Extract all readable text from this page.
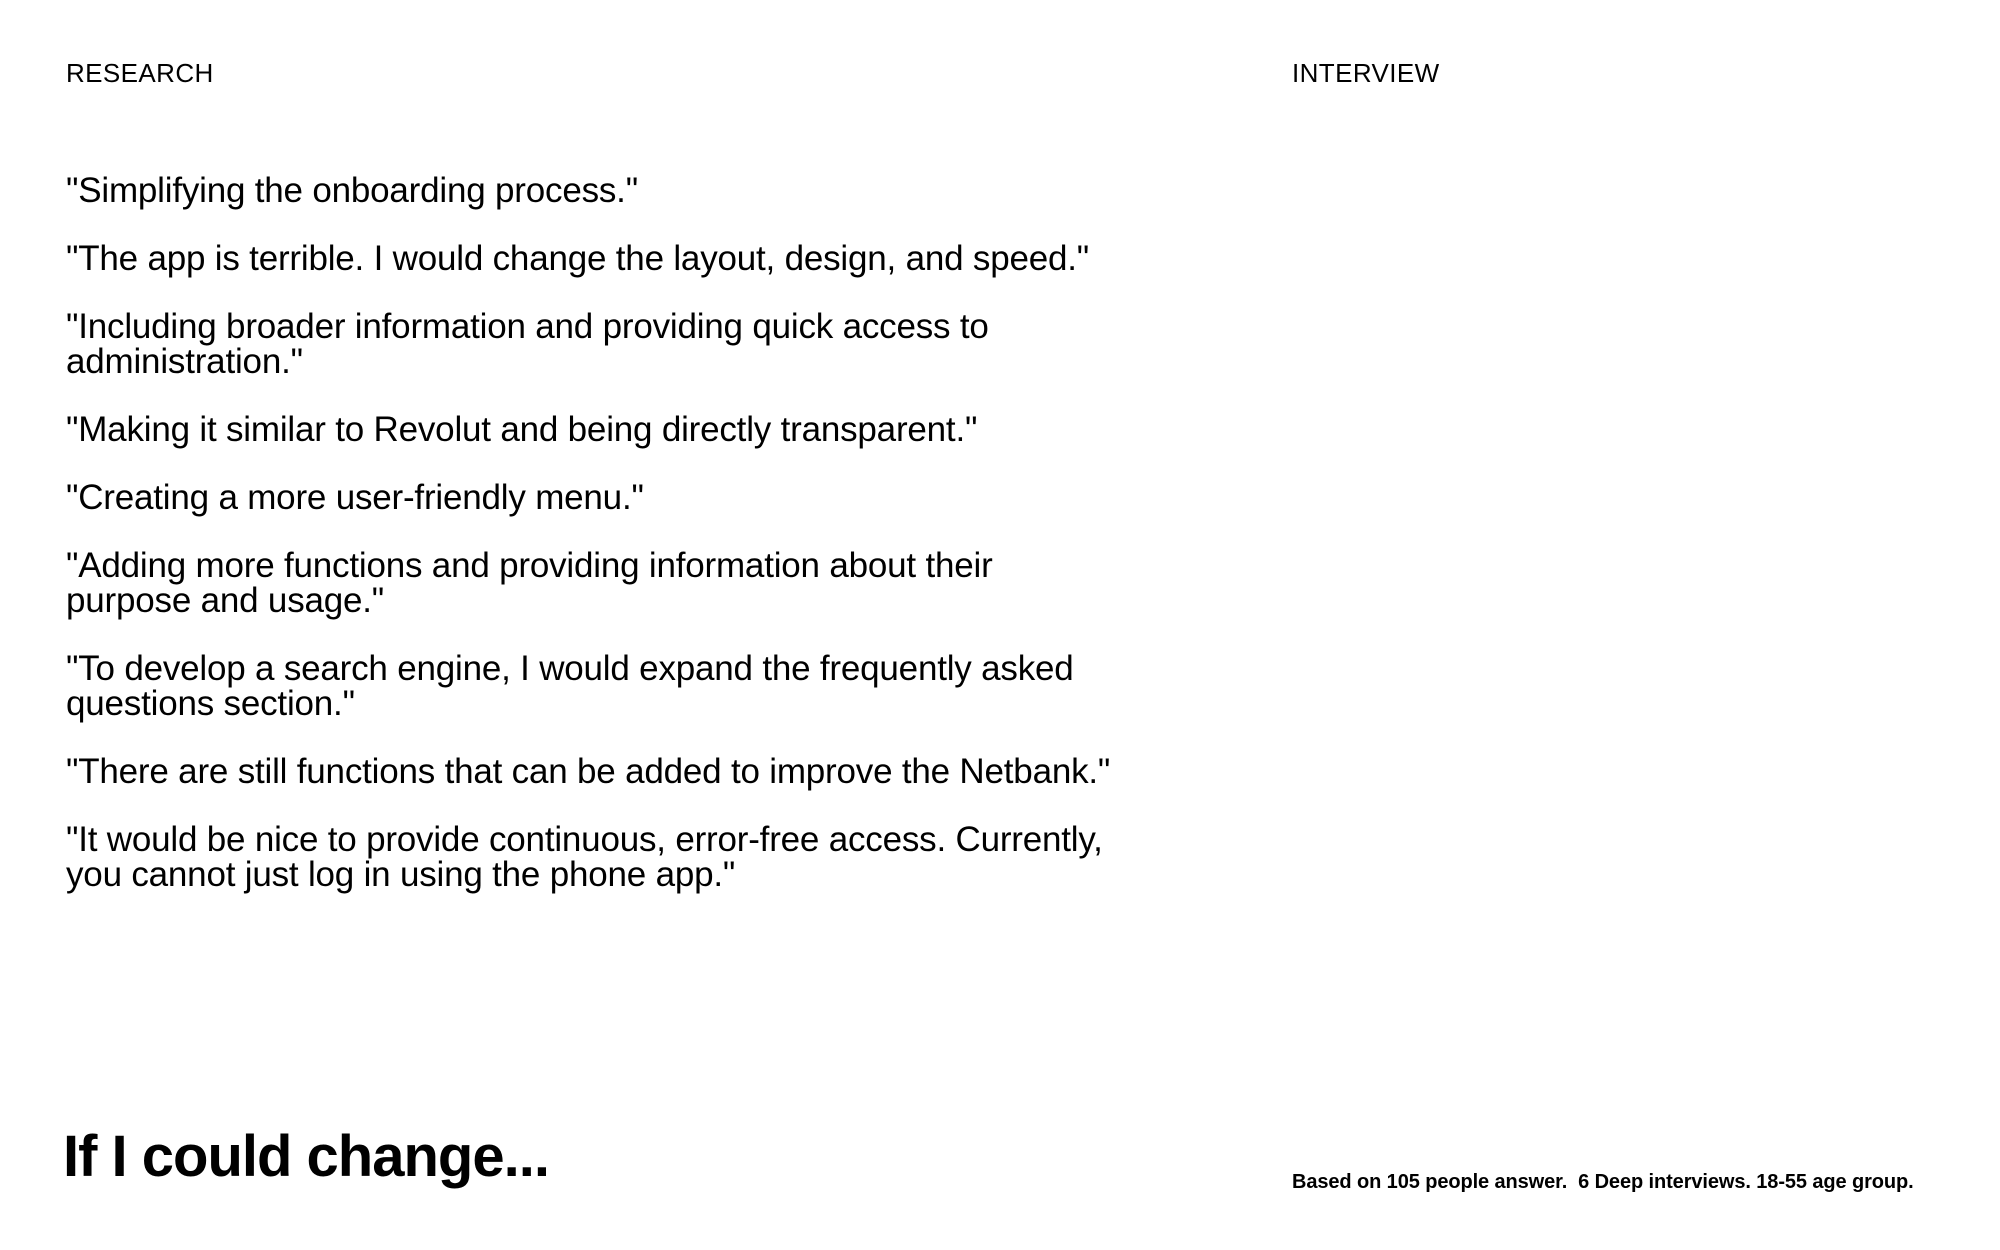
RESEARCH	INTERVIEW

"Simplifying the onboarding process."

"The app is terrible. I would change the layout, design, and speed."

"Including broader information and providing quick access to
administration."

"Making it similar to Revolut and being directly transparent."

"Creating a more user-friendly menu."

"Adding more functions and providing information about their
purpose and usage."

"To develop a search engine, I would expand the frequently asked
questions section."

"There are still functions that can be added to improve the Netbank."

"It would be nice to provide continuous, error-free access. Currently,
you cannot just log in using the phone app."

If I could change...	Based on 105 people answer.  6 Deep interviews. 18-55 age group.
